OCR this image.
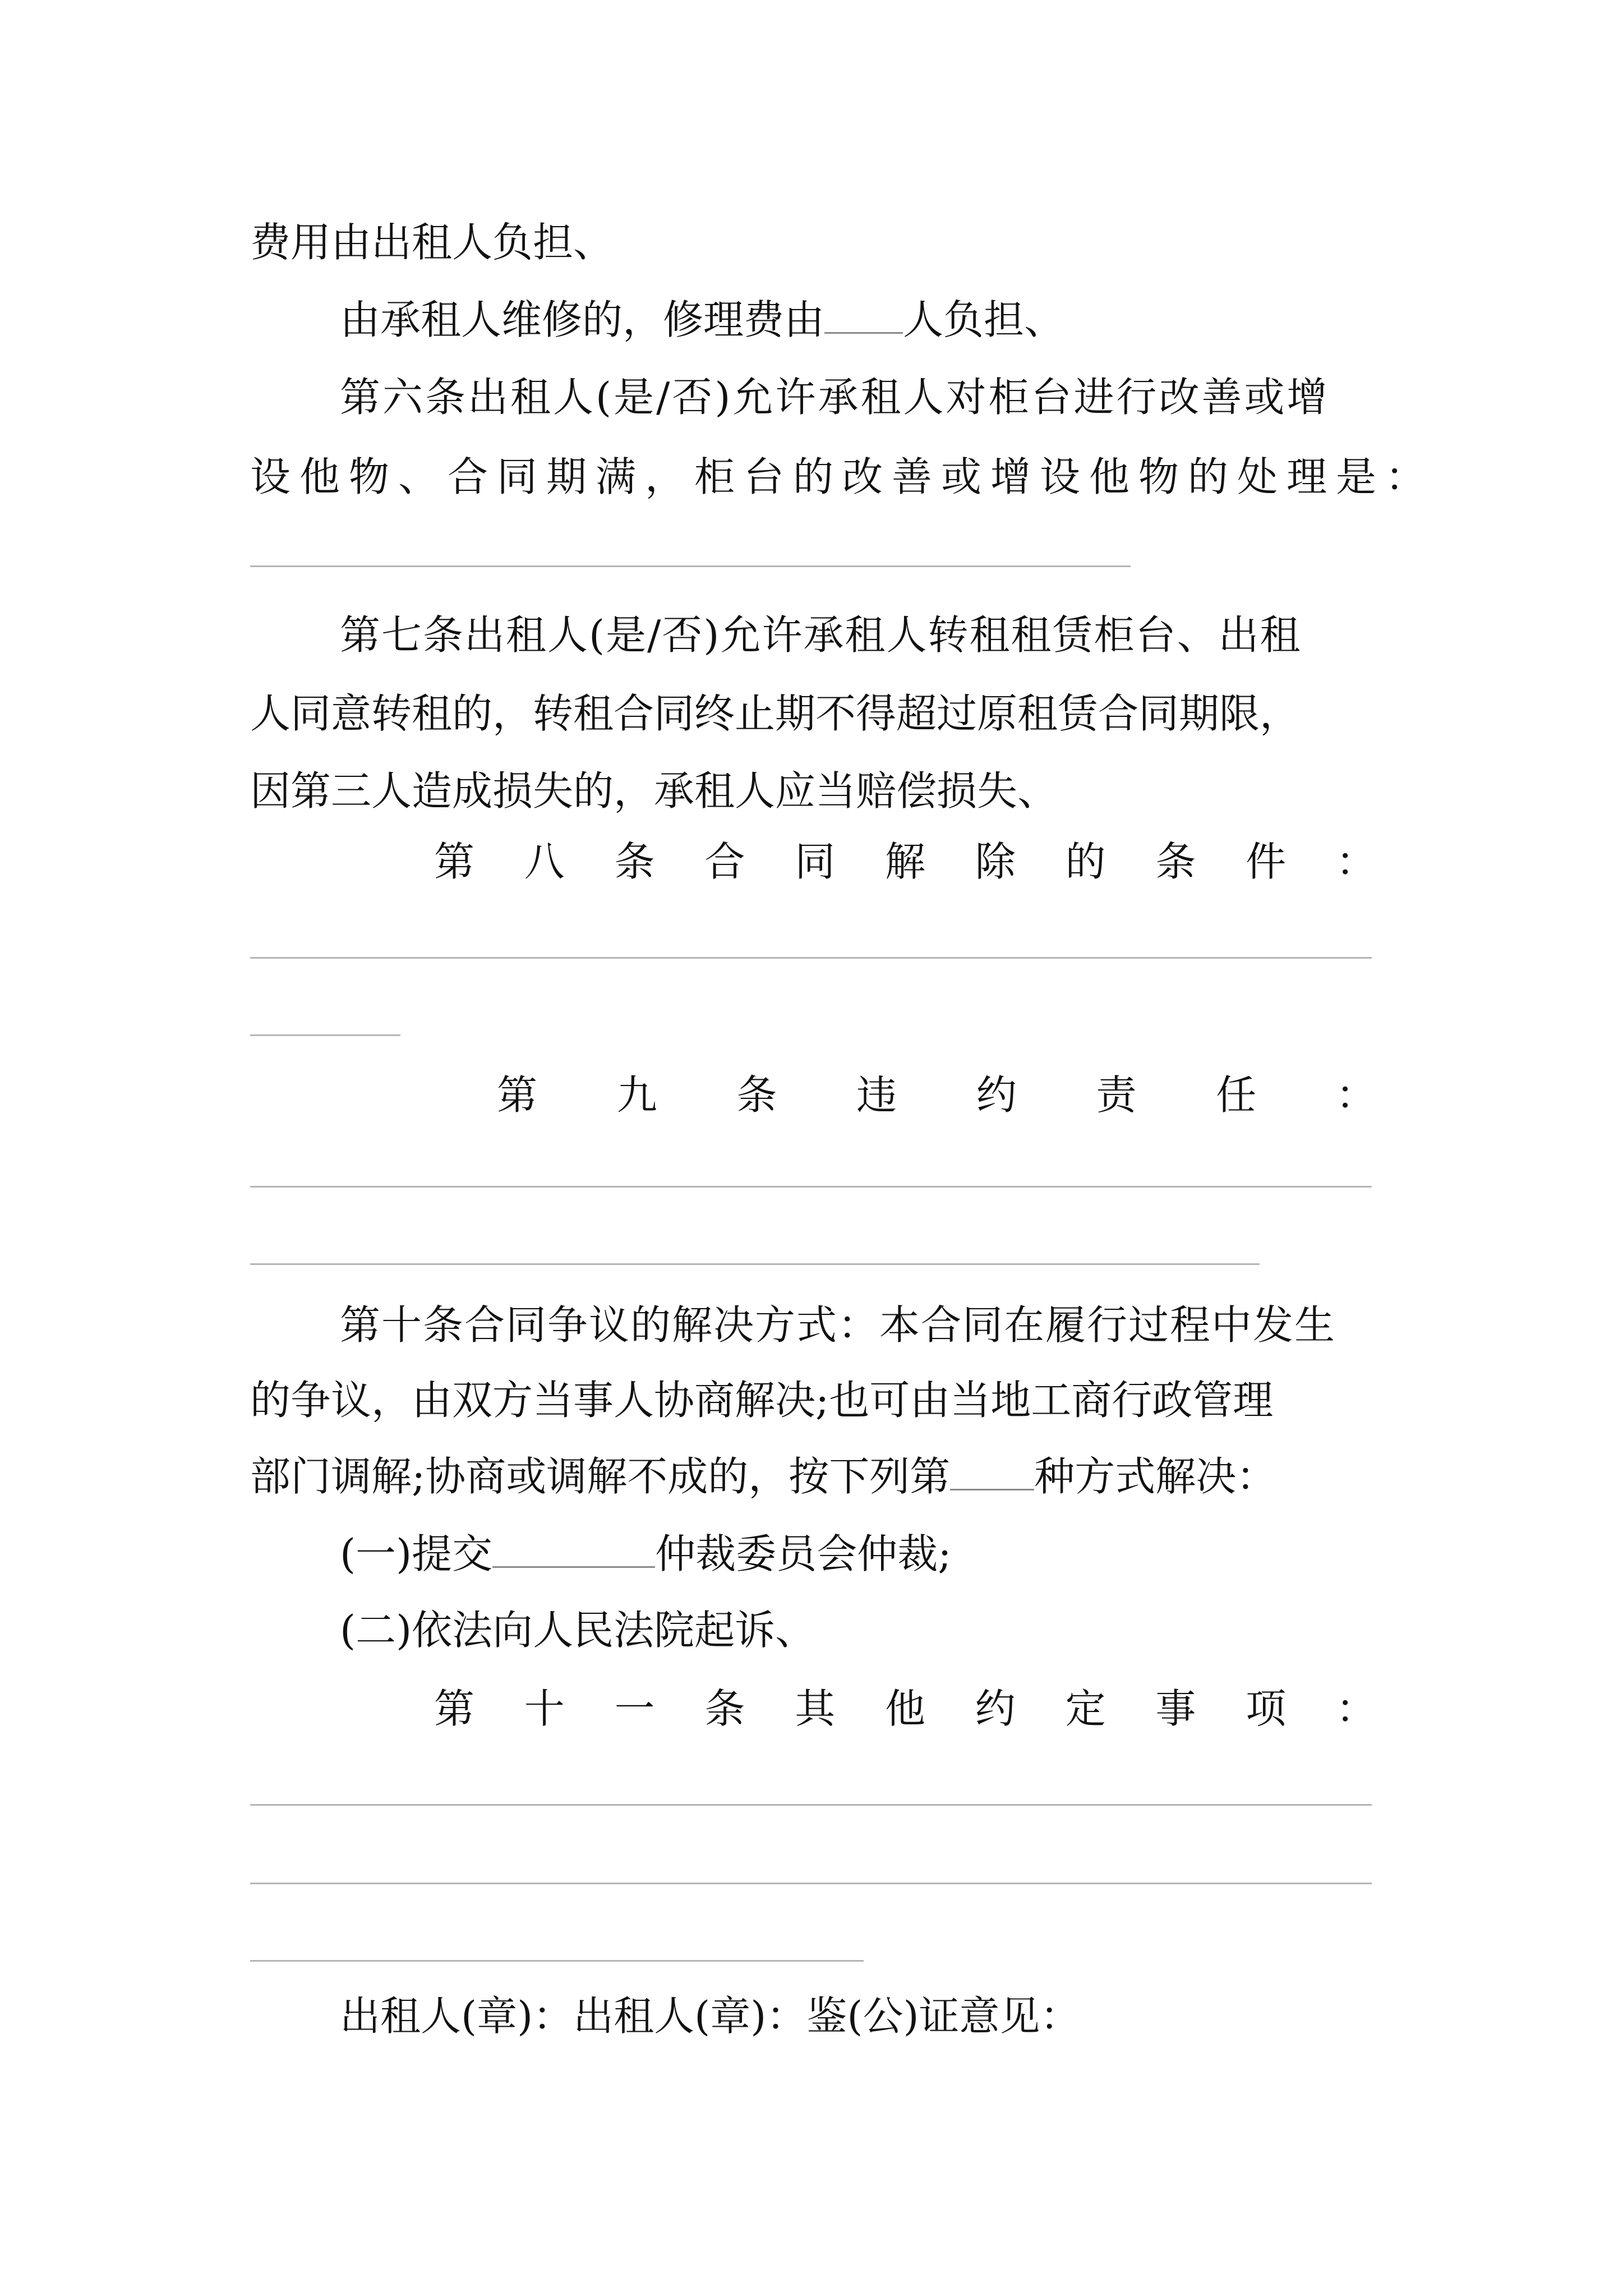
费用由出租人负担、
由承租人维修的，修理费由 人负担、
第六条出租人(是/否)允许承租人对柜台进行改善或增
设他物、合同期满，柜台的改善或增设他物的处理是：
第七条出租人(是/否)允许承租人转租租赁柜台、出租
人同意转租的，转租合同终止期不得超过原租赁合同期限，
因第三人造成损失的，承租人应当赔偿损失、
第 八 条 合 同 解 除 的 条 件 ：
第 九 条 违 约 责 任 ：
第十条合同争议的解决方式：本合同在履行过程中发生
的争议，由双方当事人协商解决;也可由当地工商行政管理
部门调解;协商或调解不成的，按下列第 种方式解决：
(一)提交	仲裁委员会仲裁;
(二)依法向人民法院起诉、
第 十 一 条 其 他 约 定 事 项 ：
出租人(章)：出租人(章)：鉴(公)证意见：
